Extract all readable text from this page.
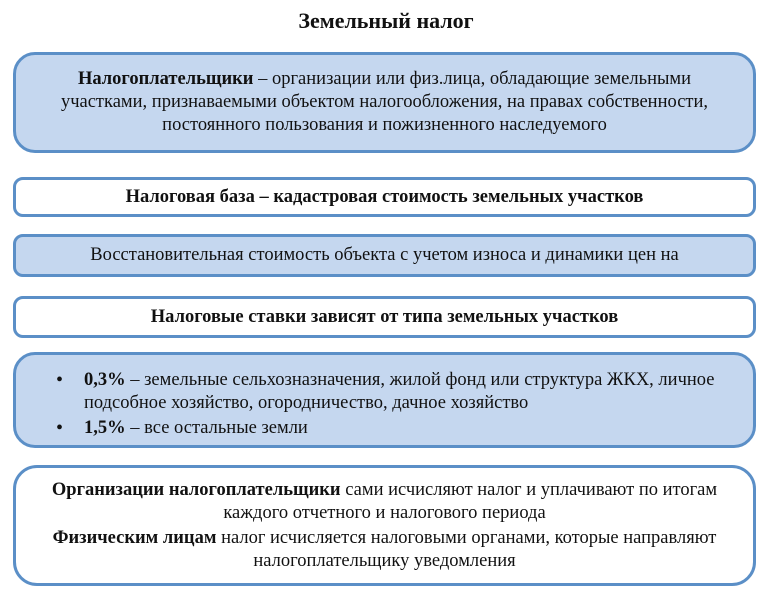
Земельный налог
Налогоплательщики – организации или физ.лица, обладающие земельными участками, признаваемыми объектом налогообложения, на правах собственности, постоянного пользования и пожизненного наследуемого
Налоговая база – кадастровая стоимость земельных участков
Восстановительная стоимость объекта с учетом износа и динамики цен на
Налоговые ставки зависят от типа земельных участков
• 0,3% – земельные сельхозназначения, жилой фонд или структура ЖКХ, личное подсобное хозяйство, огородничество, дачное хозяйство
• 1,5% – все остальные земли
Организации налогоплательщики сами исчисляют налог и уплачивают по итогам каждого отчетного и налогового периода
Физическим лицам налог исчисляется налоговыми органами, которые направляют налогоплательщику уведомления
